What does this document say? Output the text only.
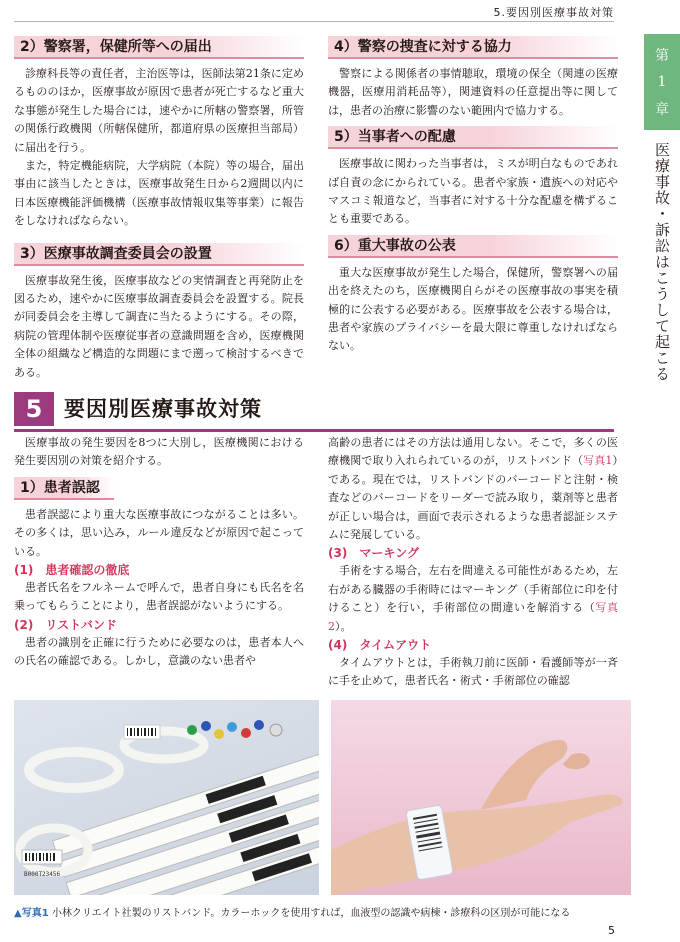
5.要因別医療事故対策
第
1
章
医療事故・訴訟はこうして起こる
2）警察署，保健所等への届出

診療科長等の責任者，主治医等は，医師法第21条に定めるもののほか，医療事故が原因で患者が死亡するなど重大な事態が発生した場合には，速やかに所轄の警察署，所管の関係行政機関（所轄保健所，都道府県の医療担当部局）に届出を行う。

また，特定機能病院，大学病院（本院）等の場合，届出事由に該当したときは，医療事故発生日から2週間以内に日本医療機能評価機構（医療事故情報収集等事業）に報告をしなければならない。

3）医療事故調査委員会の設置

医療事故発生後，医療事故などの実情調査と再発防止を図るため，速やかに医療事故調査委員会を設置する。院長が同委員会を主導して調査に当たるようにする。その際，病院の管理体制や医療従事者の意識問題を含め，医療機関全体の組織など構造的な問題にまで遡って検討するべきである。

4）警察の捜査に対する協力

警察による関係者の事情聴取，環境の保全（関連の医療機器，医療用消耗品等），関連資料の任意提出等に関しては，患者の治療に影響のない範囲内で協力する。

5）当事者への配慮

医療事故に関わった当事者は，ミスが明白なものであれば自責の念にかられている。患者や家族・遺族への対応やマスコミ報道など，当事者に対する十分な配慮を構ずることも重要である。

6）重大事故の公表

重大な医療事故が発生した場合，保健所，警察署への届出を終えたのち，医療機関自らがその医療事故の事実を積極的に公表する必要がある。医療事故を公表する場合は，患者や家族のプライバシーを最大限に尊重しなければならない。

5	要因別医療事故対策

医療事故の発生要因を8つに大別し，医療機関における発生要因別の対策を紹介する。

1）患者誤認

患者誤認により重大な医療事故につながることは多い。その多くは，思い込み，ルール違反などが原因で起こっている。

(1)　患者確認の徹底

患者氏名をフルネームで呼んで，患者自身にも氏名を名乗ってもらうことにより，患者誤認がないようにする。

(2)　リストバンド

患者の識別を正確に行うために必要なのは，患者本人への氏名の確認である。しかし，意識のない患者や

高齢の患者にはその方法は通用しない。そこで，多くの医療機関で取り入れられているのが，リストバンド（写真1）である。現在では，リストバンドのバーコードと注射・検査などのバーコードをリーダーで読み取り，薬剤等と患者が正しい場合は，画面で表示されるような患者認証システムに発展している。

(3)　マーキング

手術をする場合，左右を間違える可能性があるため，左右がある臓器の手術時にはマーキング（手術部位に印を付けること）を行い，手術部位の間違いを解消する（写真2）。

(4)　タイムアウト

タイムアウトとは，手術執刀前に医師・看護師等が一斉に手を止めて，患者氏名・術式・手術部位の確認

B000T23456
▲写真1 小林クリエイト社製のリストバンド。カラーホックを使用すれば，血液型の認識や病棟・診療科の区別が可能になる
5
